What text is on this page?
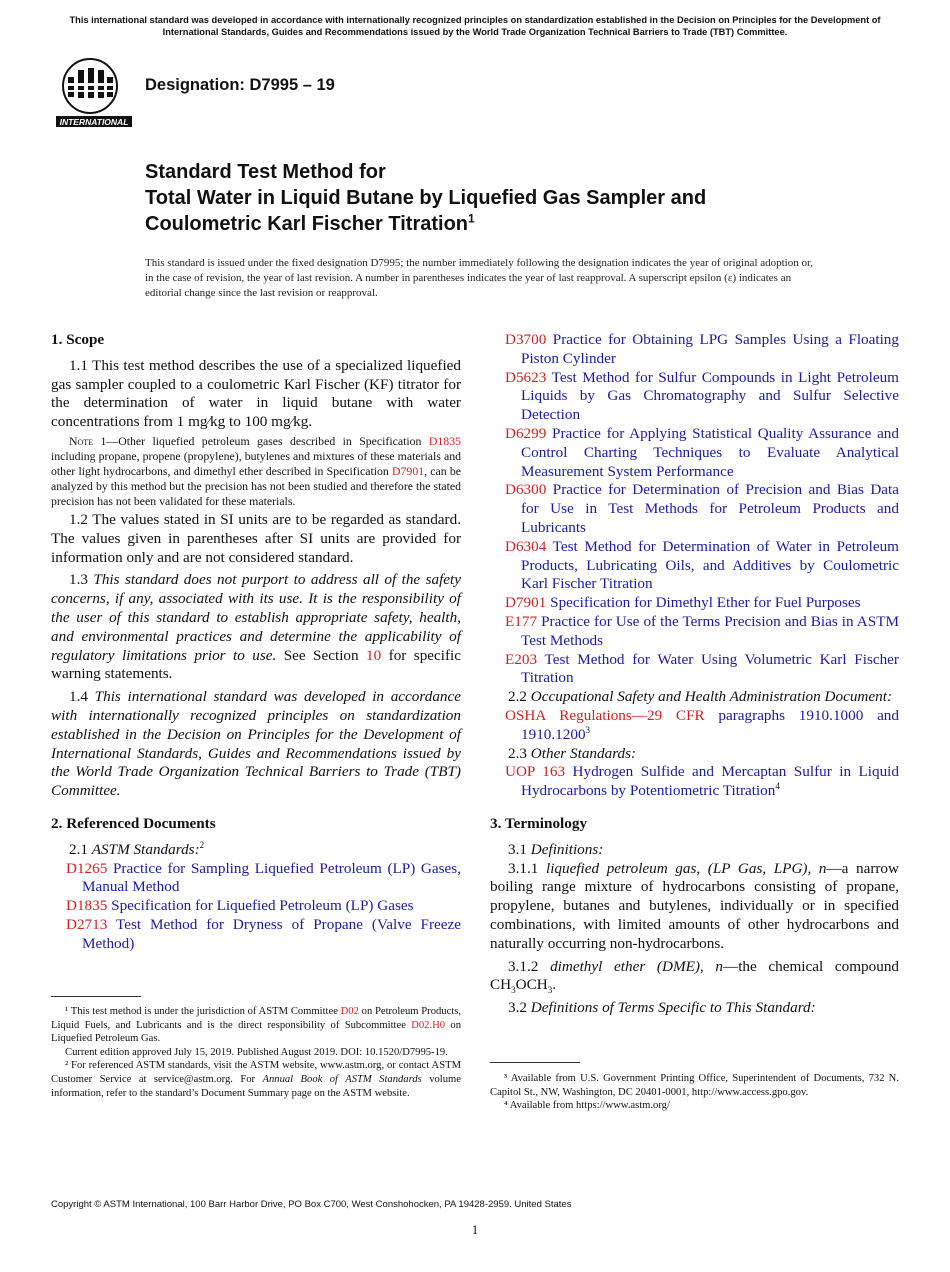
This international standard was developed in accordance with internationally recognized principles on standardization established in the Decision on Principles for the Development of International Standards, Guides and Recommendations issued by the World Trade Organization Technical Barriers to Trade (TBT) Committee.
INTERNATIONAL
Designation: D7995 – 19
Standard Test Method for
Total Water in Liquid Butane by Liquefied Gas Sampler and
Coulometric Karl Fischer Titration$^1$
This standard is issued under the fixed designation D7995; the number immediately following the designation indicates the year of original adoption or, in the case of revision, the year of last revision. A number in parentheses indicates the year of last reapproval. A superscript epsilon (ε) indicates an editorial change since the last revision or reapproval.
1. Scope

1.1 This test method describes the use of a specialized liquefied gas sampler coupled to a coulometric Karl Fischer (KF) titrator for the determination of water in liquid butane with water concentrations from 1 mg⁄kg to 100 mg⁄kg.

Note 1—Other liquefied petroleum gases described in Specification D1835 including propane, propene (propylene), butylenes and mixtures of these materials and other light hydrocarbons, and dimethyl ether described in Specification D7901, can be analyzed by this method but the precision has not been studied and therefore the stated precision has not been validated for these materials.

1.2 The values stated in SI units are to be regarded as standard. The values given in parentheses after SI units are provided for information only and are not considered standard.

1.3 This standard does not purport to address all of the safety concerns, if any, associated with its use. It is the responsibility of the user of this standard to establish appropriate safety, health, and environmental practices and determine the applicability of regulatory limitations prior to use. See Section 10 for specific warning statements.

1.4 This international standard was developed in accordance with internationally recognized principles on standardization established in the Decision on Principles for the Development of International Standards, Guides and Recommendations issued by the World Trade Organization Technical Barriers to Trade (TBT) Committee.

2. Referenced Documents

2.1 ASTM Standards:$^2$

D1265 Practice for Sampling Liquefied Petroleum (LP) Gases, Manual Method

D1835 Specification for Liquefied Petroleum (LP) Gases

D2713 Test Method for Dryness of Propane (Valve Freeze Method)

¹ This test method is under the jurisdiction of ASTM Committee D02 on Petroleum Products, Liquid Fuels, and Lubricants and is the direct responsibility of Subcommittee D02.H0 on Liquefied Petroleum Gas.

Current edition approved July 15, 2019. Published August 2019. DOI: 10.1520/D7995-19.

² For referenced ASTM standards, visit the ASTM website, www.astm.org, or contact ASTM Customer Service at service@astm.org. For Annual Book of ASTM Standards volume information, refer to the standard’s Document Summary page on the ASTM website.

D3700 Practice for Obtaining LPG Samples Using a Floating Piston Cylinder

D5623 Test Method for Sulfur Compounds in Light Petroleum Liquids by Gas Chromatography and Sulfur Selective Detection

D6299 Practice for Applying Statistical Quality Assurance and Control Charting Techniques to Evaluate Analytical Measurement System Performance

D6300 Practice for Determination of Precision and Bias Data for Use in Test Methods for Petroleum Products and Lubricants

D6304 Test Method for Determination of Water in Petroleum Products, Lubricating Oils, and Additives by Coulometric Karl Fischer Titration

D7901 Specification for Dimethyl Ether for Fuel Purposes

E177 Practice for Use of the Terms Precision and Bias in ASTM Test Methods

E203 Test Method for Water Using Volumetric Karl Fischer Titration

2.2 Occupational Safety and Health Administration Document:

OSHA Regulations—29 CFR paragraphs 1910.1000 and 1910.1200$^3$

2.3 Other Standards:

UOP 163 Hydrogen Sulfide and Mercaptan Sulfur in Liquid Hydrocarbons by Potentiometric Titration$^4$

3. Terminology

3.1 Definitions:

3.1.1 liquefied petroleum gas, (LP Gas, LPG), n—a narrow boiling range mixture of hydrocarbons consisting of propane, propylene, butanes and butylenes, individually or in specified combinations, with limited amounts of other hydrocarbons and naturally occurring non-hydrocarbons.

3.1.2 dimethyl ether (DME), n—the chemical compound $CH_3OCH_3$.

3.2 Definitions of Terms Specific to This Standard:

³ Available from U.S. Government Printing Office, Superintendent of Documents, 732 N. Capitol St., NW, Washington, DC 20401-0001, http://www.access.gpo.gov.

⁴ Available from https://www.astm.org/

Copyright © ASTM International, 100 Barr Harbor Drive, PO Box C700, West Conshohocken, PA 19428-2959. United States
1
